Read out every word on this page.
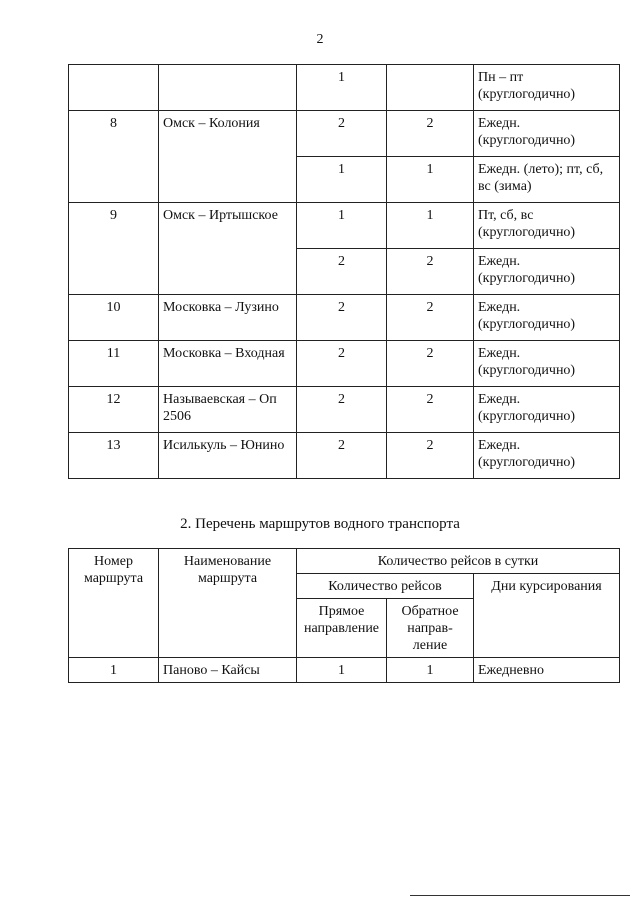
2
		1		Пн – пт (круглогодично)
8	Омск – Колония	2	2	Ежедн. (круглогодично)
		1	1	Ежедн. (лето); пт, сб, вс (зима)
9	Омск – Иртышское	1	1	Пт, сб, вс (круглогодично)
		2	2	Ежедн. (круглогодично)
10	Московка – Лузино	2	2	Ежедн. (круглогодично)
11	Московка – Входная	2	2	Ежедн. (круглогодично)
12	Называевская – Оп 2506	2	2	Ежедн. (круглогодично)
13	Исилькуль – Юнино	2	2	Ежедн. (круглогодично)
2. Перечень маршрутов водного транспорта
Номер маршрута	Наименование маршрута	Количество рейсов в сутки		
		Количество рейсов		Дни курсирования
		Прямое направление	Обратное направ- ление	
1	Паново – Кайсы	1	1	Ежедневно
